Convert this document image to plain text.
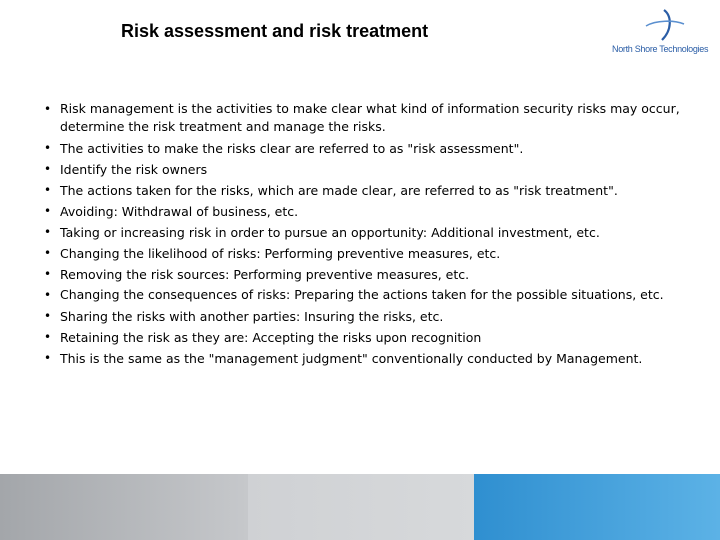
Risk assessment and risk treatment
North Shore Technologies
• Risk management is the activities to make clear what kind of information security risks may occur, determine the risk treatment and manage the risks.
• The activities to make the risks clear are referred to as "risk assessment".
• Identify the risk owners
• The actions taken for the risks, which are made clear, are referred to as "risk treatment".
• Avoiding: Withdrawal of business, etc.
• Taking or increasing risk in order to pursue an opportunity: Additional investment, etc.
• Changing the likelihood of risks: Performing preventive measures, etc.
• Removing the risk sources: Performing preventive measures, etc.
• Changing the consequences of risks: Preparing the actions taken for the possible situations, etc.
• Sharing the risks with another parties: Insuring the risks, etc.
• Retaining the risk as they are: Accepting the risks upon recognition
• This is the same as the "management judgment" conventionally conducted by Management.
